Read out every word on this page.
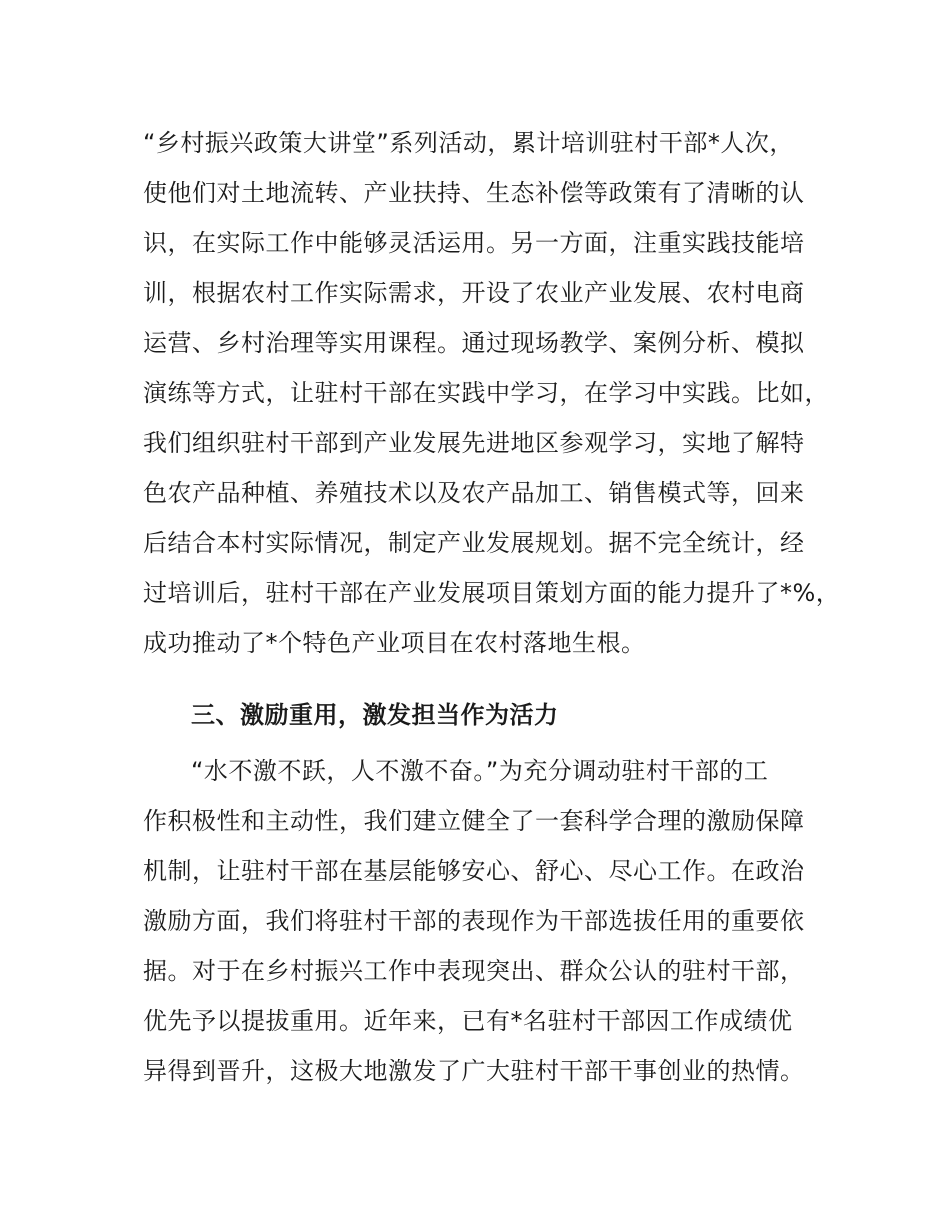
“乡村振兴政策大讲堂”系列活动，累计培训驻村干部*人次，
使他们对土地流转、产业扶持、生态补偿等政策有了清晰的认
识，在实际工作中能够灵活运用。另一方面，注重实践技能培
训，根据农村工作实际需求，开设了农业产业发展、农村电商
运营、乡村治理等实用课程。通过现场教学、案例分析、模拟
演练等方式，让驻村干部在实践中学习，在学习中实践。比如，
我们组织驻村干部到产业发展先进地区参观学习，实地了解特
色农产品种植、养殖技术以及农产品加工、销售模式等，回来
后结合本村实际情况，制定产业发展规划。据不完全统计，经
过培训后，驻村干部在产业发展项目策划方面的能力提升了*%，
成功推动了*个特色产业项目在农村落地生根。
三、激励重用，激发担当作为活力
“水不激不跃，人不激不奋。”为充分调动驻村干部的工
作积极性和主动性，我们建立健全了一套科学合理的激励保障
机制，让驻村干部在基层能够安心、舒心、尽心工作。在政治
激励方面，我们将驻村干部的表现作为干部选拔任用的重要依
据。对于在乡村振兴工作中表现突出、群众公认的驻村干部，
优先予以提拔重用。近年来，已有*名驻村干部因工作成绩优
异得到晋升，这极大地激发了广大驻村干部干事创业的热情。
